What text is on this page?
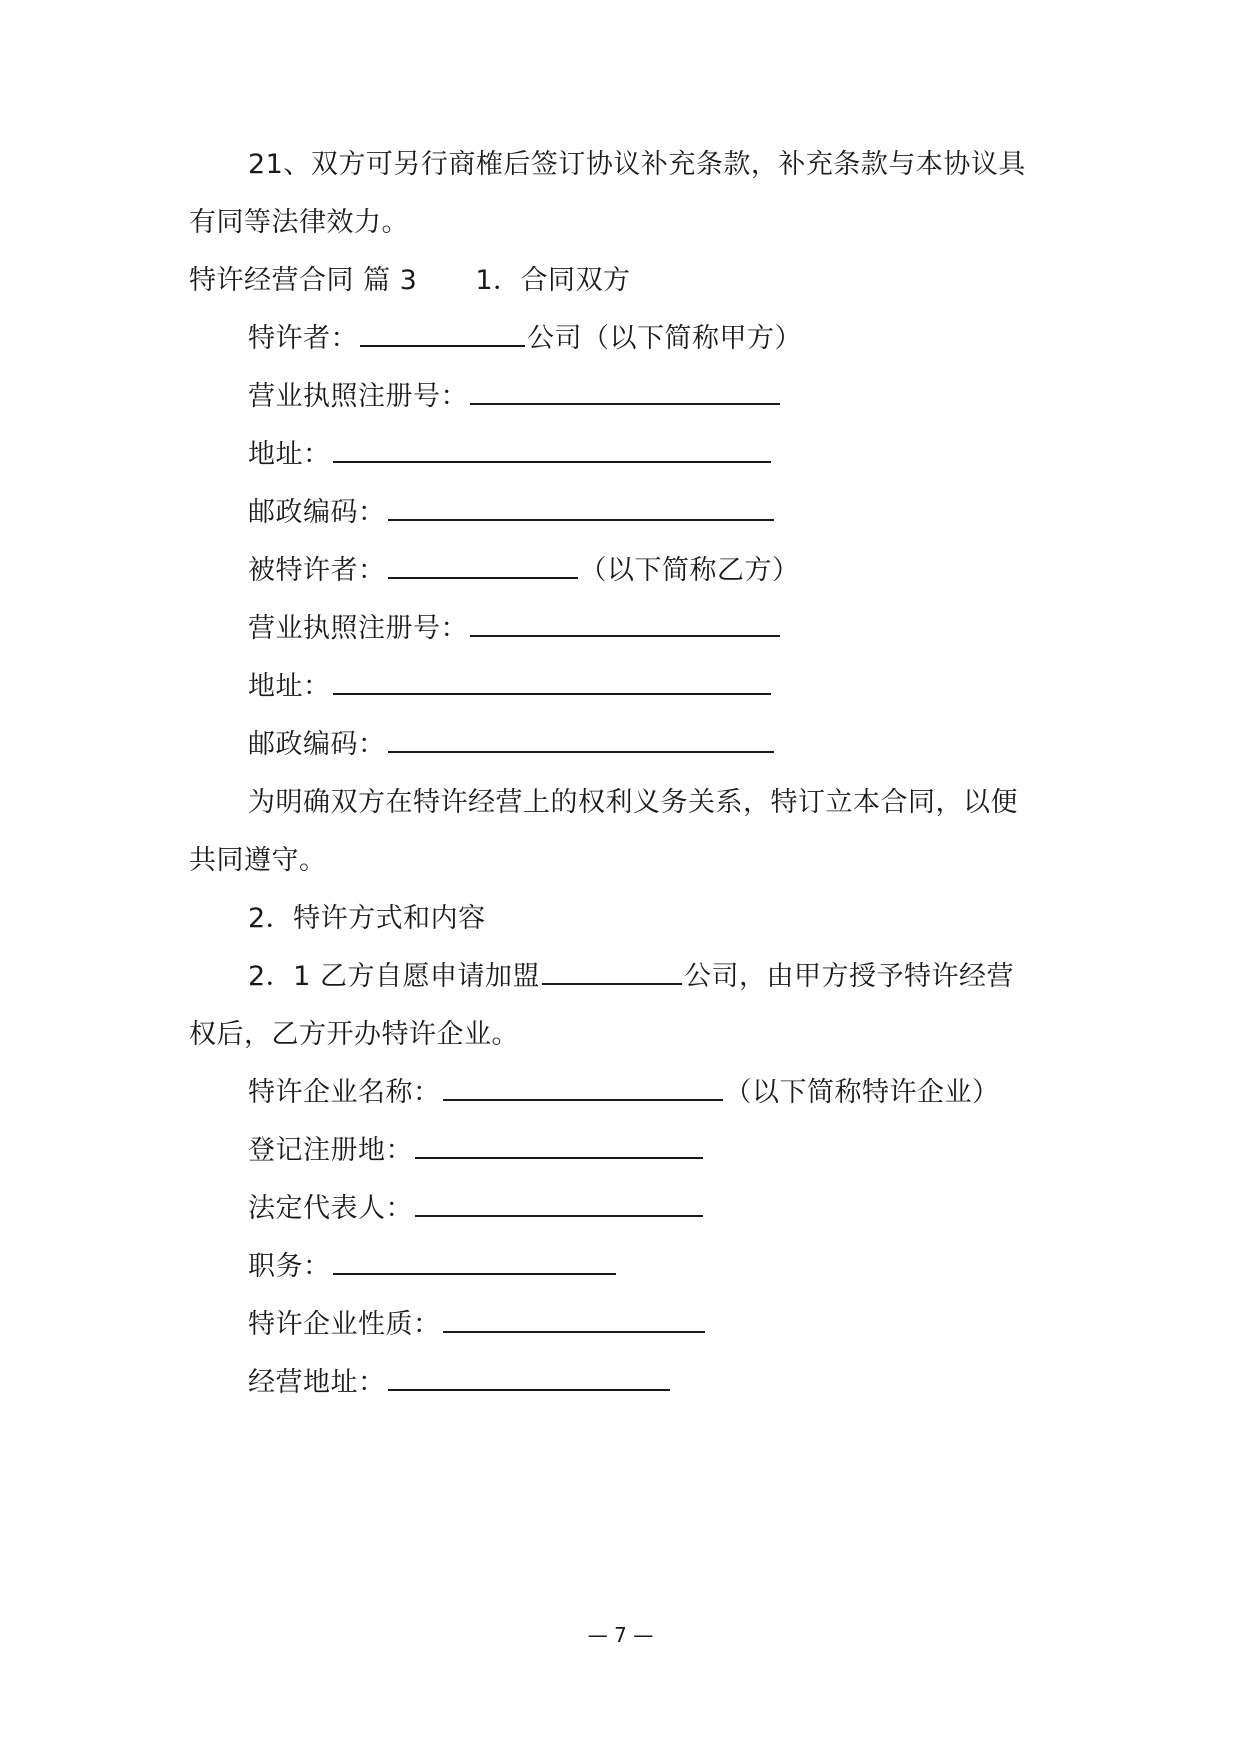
21、双方可另行商榷后签订协议补充条款，补充条款与本协议具
有同等法律效力。
特许经营合同 篇 3 1．合同双方
特许者：	公司（以下简称甲方）
营业执照注册号：
地址：
邮政编码：
被特许者：	（以下简称乙方）
营业执照注册号：
地址：
邮政编码：
为明确双方在特许经营上的权利义务关系，特订立本合同，以便
共同遵守。
2．特许方式和内容
2．1 乙方自愿申请加盟	公司，由甲方授予特许经营
权后，乙方开办特许企业。
特许企业名称：	（以下简称特许企业）
登记注册地：
法定代表人：
职务：
特许企业性质：
经营地址：
— 7 —
